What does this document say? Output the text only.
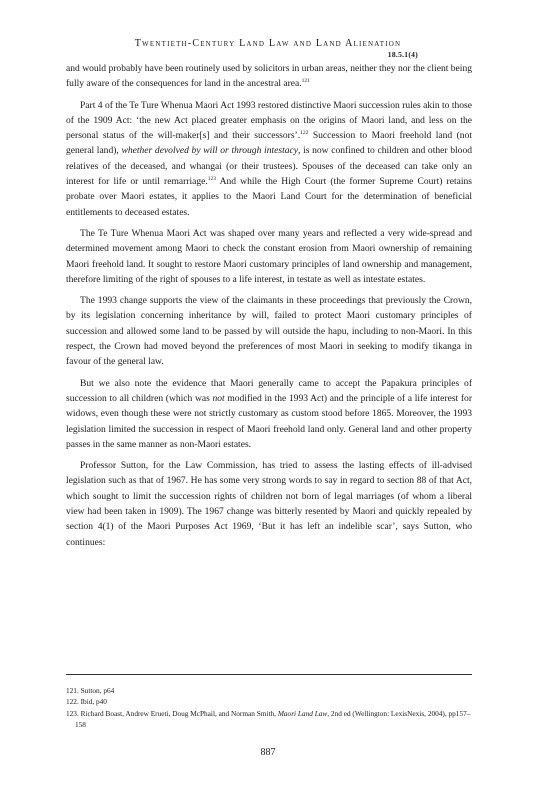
Twentieth-Century Land Law and Land Alienation
18.5.1(4)

and would probably have been routinely used by solicitors in urban areas, neither they nor the client being fully aware of the consequences for land in the ancestral area.$^{121}$

Part 4 of the Te Ture Whenua Maori Act 1993 restored distinctive Maori succession rules akin to those of the 1909 Act: ‘the new Act placed greater emphasis on the origins of Maori land, and less on the personal status of the will-maker[s] and their successors’.$^{122}$ Succession to Maori freehold land (not general land), whether devolved by will or through intestacy, is now confined to children and other blood relatives of the deceased, and whangai (or their trustees). Spouses of the deceased can take only an interest for life or until remarriage.$^{123}$ And while the High Court (the former Supreme Court) retains probate over Maori estates, it applies to the Maori Land Court for the determination of beneficial entitlements to deceased estates.

The Te Ture Whenua Maori Act was shaped over many years and reflected a very wide-spread and determined movement among Maori to check the constant erosion from Maori ownership of remaining Maori freehold land. It sought to restore Maori customary principles of land ownership and management, therefore limiting of the right of spouses to a life interest, in testate as well as intestate estates.

The 1993 change supports the view of the claimants in these proceedings that previously the Crown, by its legislation concerning inheritance by will, failed to protect Maori customary principles of succession and allowed some land to be passed by will outside the hapu, including to non-Maori. In this respect, the Crown had moved beyond the preferences of most Maori in seeking to modify tikanga in favour of the general law.

But we also note the evidence that Maori generally came to accept the Papakura principles of succession to all children (which was not modified in the 1993 Act) and the principle of a life interest for widows, even though these were not strictly customary as custom stood before 1865. Moreover, the 1993 legislation limited the succession in respect of Maori freehold land only. General land and other property passes in the same manner as non-Maori estates.

Professor Sutton, for the Law Commission, has tried to assess the lasting effects of ill-advised legislation such as that of 1967. He has some very strong words to say in regard to section 88 of that Act, which sought to limit the succession rights of children not born of legal marriages (of whom a liberal view had been taken in 1909). The 1967 change was bitterly resented by Maori and quickly repealed by section 4(1) of the Maori Purposes Act 1969, ‘But it has left an indelible scar’, says Sutton, who continues:

121. Sutton, p64

122. Ibid, p40

123. Richard Boast, Andrew Erueti, Doug McPhail, and Norman Smith, Maori Land Law, 2nd ed (Wellington: LexisNexis, 2004), pp157–158

887
